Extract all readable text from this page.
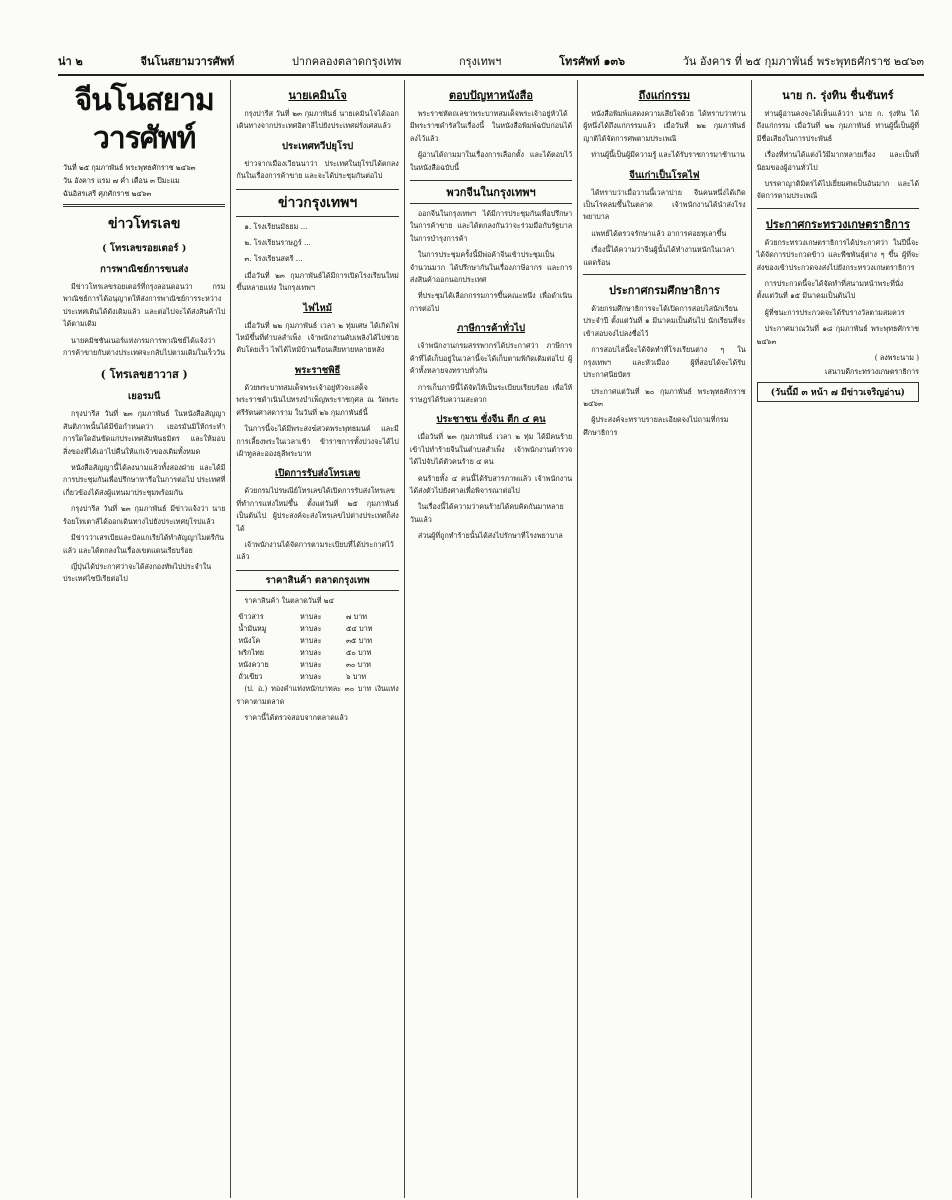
น่า ๒	จีนโนสยามวารศัพท์	ปากคลองตลาดกรุงเทพ	กรุงเทพฯ	โทรศัพท์ ๑๓๖	วัน อังคาร ที่ ๒๕ กุมภาพันธ์ พระพุทธศักราช ๒๔๖๓
จีนโนสยามวารศัพท์
วันที่ ๒๕ กุมภาพันธ์ พระพุทธศักราช ๒๔๖๓
วัน อังคาร แรม ๗ ค่ำ เดือน ๓ ปีมะแม
ฉันอิสรเสรี ศุภศักราช ๒๔๖๓
ข่าวโทรเลข
( โทรเลขรอยเตอร์ )
การพาณิชย์การขนส่ง

มีข่าวโทรเลขรอยเตอร์ที่กรุงลอนดอนว่า กรมพาณิชย์การได้อนุญาตให้ส่งการพาณิชย์การระหว่างประเทศเดินได้ดังเดิมแล้ว และต่อไปจะได้ส่งสินค้าไปได้ตามเดิม

นายคมิชชันเนอร์แห่งกรมการพาณิชย์ได้แจ้งว่า การค้าขายกับต่างประเทศจะกลับไปตามเดิมในเร็ววัน

( โทรเลขฮาวาส )
เยอรมนี

กรุงปารีส วันที่ ๒๓ กุมภาพันธ์ ในหนังสือสัญญาสันติภาพนั้นได้มีข้อกำหนดว่า เยอรมันมิให้กระทำการใดใดอันขัดแก่ประเทศสัมพันธมิตร และให้มอบสิ่งของที่ได้เอาไปคืนให้แก่เจ้าของเดิมทั้งหมด

หนังสือสัญญานี้ได้ลงนามแล้วทั้งสองฝ่าย และได้มีการประชุมกันเพื่อปรึกษาหารือในการต่อไป ประเทศที่เกี่ยวข้องได้ส่งผู้แทนมาประชุมพร้อมกัน

กรุงปารีส วันที่ ๒๓ กุมภาพันธ์ มีข่าวแจ้งว่า นายร้อยโทเตาส์ได้ออกเดินทางไปยังประเทศยุโรปแล้ว

มีข่าวว่าเสรเบียและบัลแกเรียได้ทำสัญญาไมตรีกันแล้ว และได้ตกลงในเรื่องเขตแดนเรียบร้อย

ญี่ปุ่นได้ประกาศว่าจะได้ส่งกองทัพไปประจำในประเทศไซบีเรียต่อไป

นายเคมินโจ

กรุงปารีส วันที่ ๒๓ กุมภาพันธ์ นายเคมินโจได้ออกเดินทางจากประเทศอิตาลีไปยังประเทศฝรั่งเศสแล้ว

ประเทศทวีปยุโรป

ข่าวจากเมืองเวียนนาว่า ประเทศในยุโรปได้ตกลงกันในเรื่องการค้าขาย และจะได้ประชุมกันต่อไป

ข่าวกรุงเทพฯ

๑. โรงเรียนมัธยม ...

๒. โรงเรียนราษฎร์ ...

๓. โรงเรียนสตรี ...

เมื่อวันที่ ๒๓ กุมภาพันธ์ได้มีการเปิดโรงเรียนใหม่ขึ้นหลายแห่ง ในกรุงเทพฯ

ไฟไหม้

เมื่อวันที่ ๒๒ กุมภาพันธ์ เวลา ๒ ทุ่มเศษ ได้เกิดไฟไหม้ขึ้นที่ตำบลสำเพ็ง เจ้าพนักงานดับเพลิงได้ไปช่วยดับโดยเร็ว ไฟได้ไหม้บ้านเรือนเสียหายหลายหลัง

พระราชพิธี

ด้วยพระบาทสมเด็จพระเจ้าอยู่หัวจะเสด็จพระราชดำเนินไปทรงบำเพ็ญพระราชกุศล ณ วัดพระศรีรัตนศาสดาราม ในวันที่ ๒๖ กุมภาพันธ์นี้

ในการนี้จะได้มีพระสงฆ์สวดพระพุทธมนต์ และมีการเลี้ยงพระในเวลาเช้า ข้าราชการทั้งปวงจะได้ไปเฝ้าทูลละอองธุลีพระบาท

เปิดการรับส่งโทรเลข

ด้วยกรมไปรษณีย์โทรเลขได้เปิดการรับส่งโทรเลขที่ทำการแห่งใหม่ขึ้น ตั้งแต่วันที่ ๒๕ กุมภาพันธ์เป็นต้นไป ผู้ประสงค์จะส่งโทรเลขไปต่างประเทศก็ส่งได้

เจ้าพนักงานได้จัดการตามระเบียบที่ได้ประกาศไว้แล้ว

ราคาสินค้า ตลาดกรุงเทพ

ราคาสินค้า ในตลาดวันที่ ๒๔

ข้าวสาร	หาบละ	๗ บาท
น้ำมันหมู	หาบละ	๕๔ บาท
หนังโค	หาบละ	๓๕ บาท
พริกไทย	หาบละ	๕๐ บาท
หนังควาย	หาบละ	๓๐ บาท
ถั่วเขียว	หาบละ	๖ บาท

(ป. อ.) ทองคำแท่งหนักบาทละ ๓๐ บาท เงินแท่งราคาตามตลาด

ราคานี้ได้ตรวจสอบจากตลาดแล้ว

ตอบปัญหาหนังสือ

พระราชหัตถเลขาพระบาทสมเด็จพระเจ้าอยู่หัวได้มีพระราชดำรัสในเรื่องนี้ ในหนังสือพิมพ์ฉบับก่อนได้ลงไว้แล้ว

ผู้อ่านได้ถามมาในเรื่องการเลือกตั้ง และได้ตอบไว้ในหนังสือฉบับนี้

พวกจีนในกรุงเทพฯ

ออกจีนในกรุงเทพฯ ได้มีการประชุมกันเพื่อปรึกษาในการค้าขาย และได้ตกลงกันว่าจะร่วมมือกับรัฐบาลในการบำรุงการค้า

ในการประชุมครั้งนี้มีพ่อค้าจีนเข้าประชุมเป็นจำนวนมาก ได้ปรึกษากันในเรื่องภาษีอากร และการส่งสินค้าออกนอกประเทศ

ที่ประชุมได้เลือกกรรมการขึ้นคณะหนึ่ง เพื่อดำเนินการต่อไป

ภาษีการค้าทั่วไป

เจ้าพนักงานกรมสรรพากรได้ประกาศว่า ภาษีการค้าที่ได้เก็บอยู่ในเวลานี้จะได้เก็บตามพิกัดเดิมต่อไป ผู้ค้าทั้งหลายจงทราบทั่วกัน

การเก็บภาษีนี้ได้จัดให้เป็นระเบียบเรียบร้อย เพื่อให้ราษฎรได้รับความสะดวก

ประชาชน ชั่งจีน ตีก ๔ คน

เมื่อวันที่ ๒๓ กุมภาพันธ์ เวลา ๒ ทุ่ม ได้มีคนร้ายเข้าไปทำร้ายจีนในตำบลสำเพ็ง เจ้าพนักงานตำรวจได้ไปจับได้ตัวคนร้าย ๔ คน

คนร้ายทั้ง ๔ คนนี้ได้รับสารภาพแล้ว เจ้าพนักงานได้ส่งตัวไปยังศาลเพื่อพิจารณาต่อไป

ในเรื่องนี้ได้ความว่าคนร้ายได้คบคิดกันมาหลายวันแล้ว

ส่วนผู้ที่ถูกทำร้ายนั้นได้ส่งไปรักษาที่โรงพยาบาล

ถึงแก่กรรม

หนังสือพิมพ์แสดงความเสียใจด้วย ได้ทราบว่าท่านผู้หนึ่งได้ถึงแก่กรรมแล้ว เมื่อวันที่ ๒๒ กุมภาพันธ์ ญาติได้จัดการศพตามประเพณี

ท่านผู้นี้เป็นผู้มีความรู้ และได้รับราชการมาช้านาน

จีนเก่าเป็นโรคไฟ

ได้ทราบว่าเมื่อวานนี้เวลาบ่าย จีนคนหนึ่งได้เกิดเป็นโรคลมขึ้นในตลาด เจ้าพนักงานได้นำส่งโรงพยาบาล

แพทย์ได้ตรวจรักษาแล้ว อาการค่อยทุเลาขึ้น

เรื่องนี้ได้ความว่าจีนผู้นั้นได้ทำงานหนักในเวลาแดดร้อน

ประกาศกรมศึกษาธิการ

ด้วยกรมศึกษาธิการจะได้เปิดการสอบไล่นักเรียนประจำปี ตั้งแต่วันที่ ๑ มีนาคมเป็นต้นไป นักเรียนที่จะเข้าสอบจงไปลงชื่อไว้

การสอบไล่นี้จะได้จัดทำที่โรงเรียนต่าง ๆ ในกรุงเทพฯ และหัวเมือง ผู้ที่สอบได้จะได้รับประกาศนียบัตร

ประกาศแต่วันที่ ๒๐ กุมภาพันธ์ พระพุทธศักราช ๒๔๖๓

ผู้ประสงค์จะทราบรายละเอียดจงไปถามที่กรมศึกษาธิการ

นาย ก. รุ่งทิน ชื่นชันทร์

ท่านผู้อ่านคงจะได้เห็นแล้วว่า นาย ก. รุ่งทิน ได้ถึงแก่กรรม เมื่อวันที่ ๒๒ กุมภาพันธ์ ท่านผู้นี้เป็นผู้ที่มีชื่อเสียงในการประพันธ์

เรื่องที่ท่านได้แต่งไว้มีมากหลายเรื่อง และเป็นที่นิยมของผู้อ่านทั่วไป

บรรดาญาติมิตรได้ไปเยี่ยมศพเป็นอันมาก และได้จัดการตามประเพณี

ประกาศกระทรวงเกษตราธิการ

ด้วยกระทรวงเกษตราธิการได้ประกาศว่า ในปีนี้จะได้จัดการประกวดข้าว และพืชพันธุ์ต่าง ๆ ขึ้น ผู้ที่จะส่งของเข้าประกวดจงส่งไปยังกระทรวงเกษตราธิการ

การประกวดนี้จะได้จัดทำที่สนามหน้าพระที่นั่ง ตั้งแต่วันที่ ๑๕ มีนาคมเป็นต้นไป

ผู้ที่ชนะการประกวดจะได้รับรางวัลตามสมควร

ประกาศมาณวันที่ ๑๘ กุมภาพันธ์ พระพุทธศักราช ๒๔๖๓

( ลงพระนาม )
เสนาบดีกระทรวงเกษตราธิการ
(วันนี้มี ๓ หน้า ๗ มีข่าวเจริญอ่าน)
